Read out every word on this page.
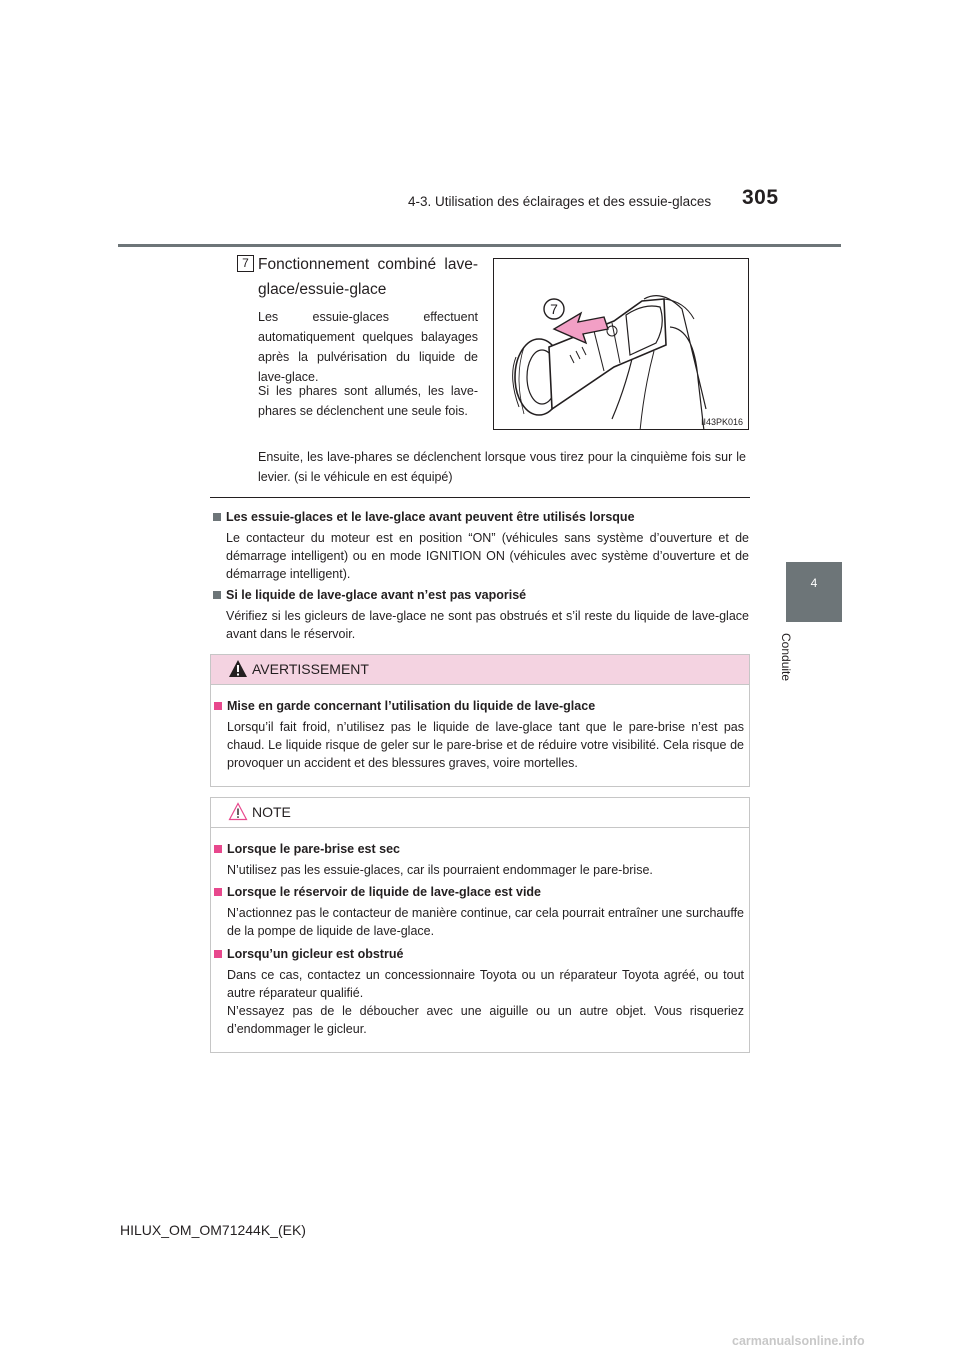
4-3. Utilisation des éclairages et des essuie-glaces 305
4
Conduite
7 Fonctionnement combiné lave-glace/essuie-glace
Les essuie-glaces effectuent automatiquement quelques balayages après la pulvérisation du liquide de lave-glace.
Si les phares sont allumés, les lave-phares se déclenchent une seule fois.
Ensuite, les lave-phares se déclenchent lorsque vous tirez pour la cinquième fois sur le levier. (si le véhicule en est équipé)
7
II43PK016
Les essuie-glaces et le lave-glace avant peuvent être utilisés lorsque
Le contacteur du moteur est en position “ON” (véhicules sans système d’ouverture et de démarrage intelligent) ou en mode IGNITION ON (véhicules avec système d’ouverture et de démarrage intelligent).
Si le liquide de lave-glace avant n’est pas vaporisé
Vérifiez si les gicleurs de lave-glace ne sont pas obstrués et s’il reste du liquide de lave-glace avant dans le réservoir.
AVERTISSEMENT
Mise en garde concernant l’utilisation du liquide de lave-glace
Lorsqu’il fait froid, n’utilisez pas le liquide de lave-glace tant que le pare-brise n’est pas chaud. Le liquide risque de geler sur le pare-brise et de réduire votre visibilité. Cela risque de provoquer un accident et des blessures graves, voire mortelles.
NOTE
Lorsque le pare-brise est sec
N’utilisez pas les essuie-glaces, car ils pourraient endommager le pare-brise.
Lorsque le réservoir de liquide de lave-glace est vide
N’actionnez pas le contacteur de manière continue, car cela pourrait entraîner une surchauffe de la pompe de liquide de lave-glace.
Lorsqu’un gicleur est obstrué
Dans ce cas, contactez un concessionnaire Toyota ou un réparateur Toyota agréé, ou tout autre réparateur qualifié.
N’essayez pas de le déboucher avec une aiguille ou un autre objet. Vous risqueriez d’endommager le gicleur.
HILUX_OM_OM71244K_(EK)
carmanualsonline.info
